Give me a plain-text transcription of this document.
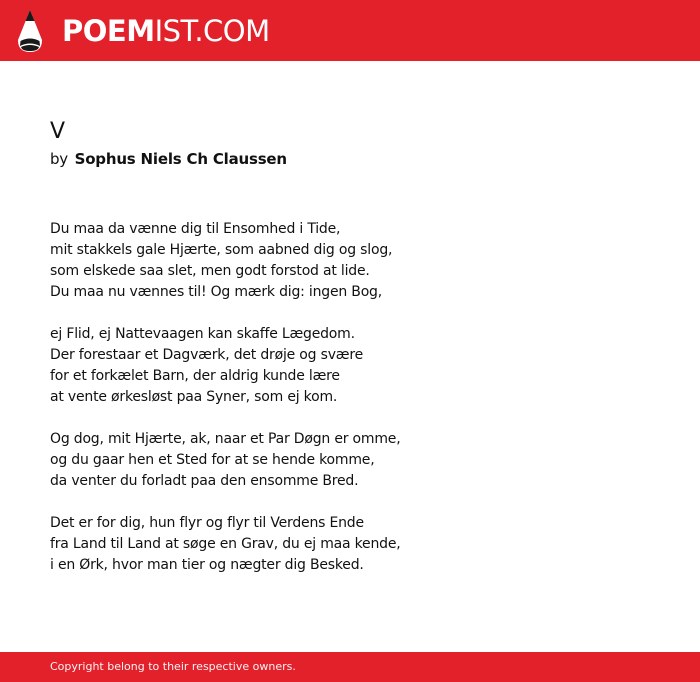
POEMIST.COM
V
by Sophus Niels Ch Claussen
Du maa da vænne dig til Ensomhed i Tide,
mit stakkels gale Hjærte, som aabned dig og slog,
som elskede saa slet, men godt forstod at lide.
Du maa nu vænnes til! Og mærk dig: ingen Bog,
ej Flid, ej Nattevaagen kan skaffe Lægedom.
Der forestaar et Dagværk, det drøje og svære
for et forkælet Barn, der aldrig kunde lære
at vente ørkesløst paa Syner, som ej kom.
Og dog, mit Hjærte, ak, naar et Par Døgn er omme,
og du gaar hen et Sted for at se hende komme,
da venter du forladt paa den ensomme Bred.
Det er for dig, hun flyr og flyr til Verdens Ende
fra Land til Land at søge en Grav, du ej maa kende,
i en Ørk, hvor man tier og nægter dig Besked.
Copyright belong to their respective owners.
